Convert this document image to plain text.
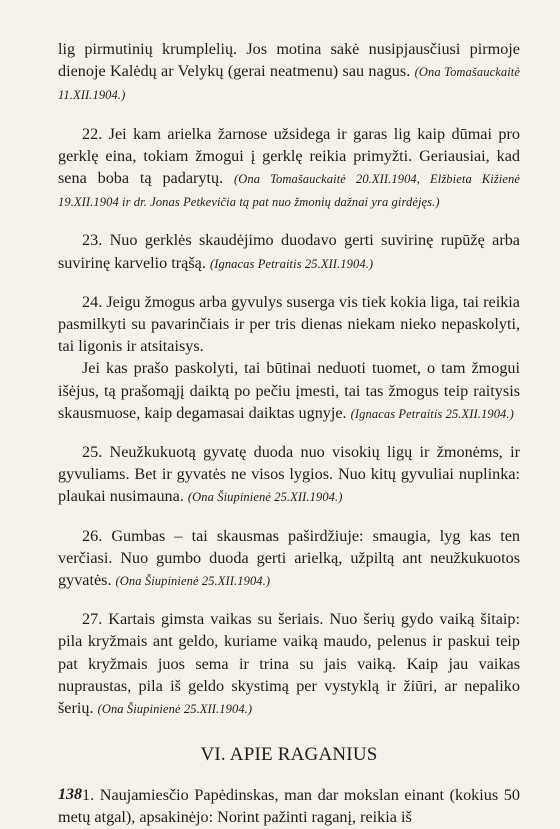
lig pirmutinių krumplelių. Jos motina sakė nusipjausčiusi pirmoje dienoje Kalėdų ar Velykų (gerai neatmenu) sau nagus. (Ona Tomašauckaitė 11.XII.1904.)

22. Jei kam arielka žarnose užsidega ir garas lig kaip dūmai pro gerklę eina, tokiam žmogui į gerklę reikia primyžti. Geriausiai, kad sena boba tą padarytų. (Ona Tomašauckaitė 20.XII.1904, Elžbieta Kižienė 19.XII.1904 ir dr. Jonas Petkevičia tą pat nuo žmonių dažnai yra girdėjęs.)

23. Nuo gerklės skaudėjimo duodavo gerti suvirinę rupūžę arba suvirinę karvelio trąšą. (Ignacas Petraitis 25.XII.1904.)

24. Jeigu žmogus arba gyvulys suserga vis tiek kokia liga, tai reikia pasmilkyti su pavarinčiais ir per tris dienas niekam nieko nepaskolyti, tai ligonis ir atsitaisys.
Jei kas prašo paskolyti, tai būtinai neduoti tuomet, o tam žmogui išėjus, tą prašomąjį daiktą po pečiu įmesti, tai tas žmogus teip raitysis skausmuose, kaip degamasai daiktas ugnyje. (Ignacas Petraitis 25.XII.1904.)

25. Neužkukuotą gyvatę duoda nuo visokių ligų ir žmonėms, ir gyvuliams. Bet ir gyvatės ne visos lygios. Nuo kitų gyvuliai nuplinka: plaukai nusimauna. (Ona Šiupinienė 25.XII.1904.)

26. Gumbas – tai skausmas paširdžiuje: smaugia, lyg kas ten verčiasi. Nuo gumbo duoda gerti arielką, užpiltą ant neužkukuotos gyvatės. (Ona Šiupinienė 25.XII.1904.)

27. Kartais gimsta vaikas su šeriais. Nuo šerių gydo vaiką šitaip: pila kryžmais ant geldo, kuriame vaiką maudo, pelenus ir paskui teip pat kryžmais juos sema ir trina su jais vaiką. Kaip jau vaikas nupraustas, pila iš geldo skystimą per vystyklą ir žiūri, ar nepaliko šerių. (Ona Šiupinienė 25.XII.1904.)

VI. APIE RAGANIUS

1. Naujamiesčio Papėdinskas, man dar mokslan einant (kokius 50 metų atgal), apsakinėjo: Norint pažinti raganį, reikia iš

138
